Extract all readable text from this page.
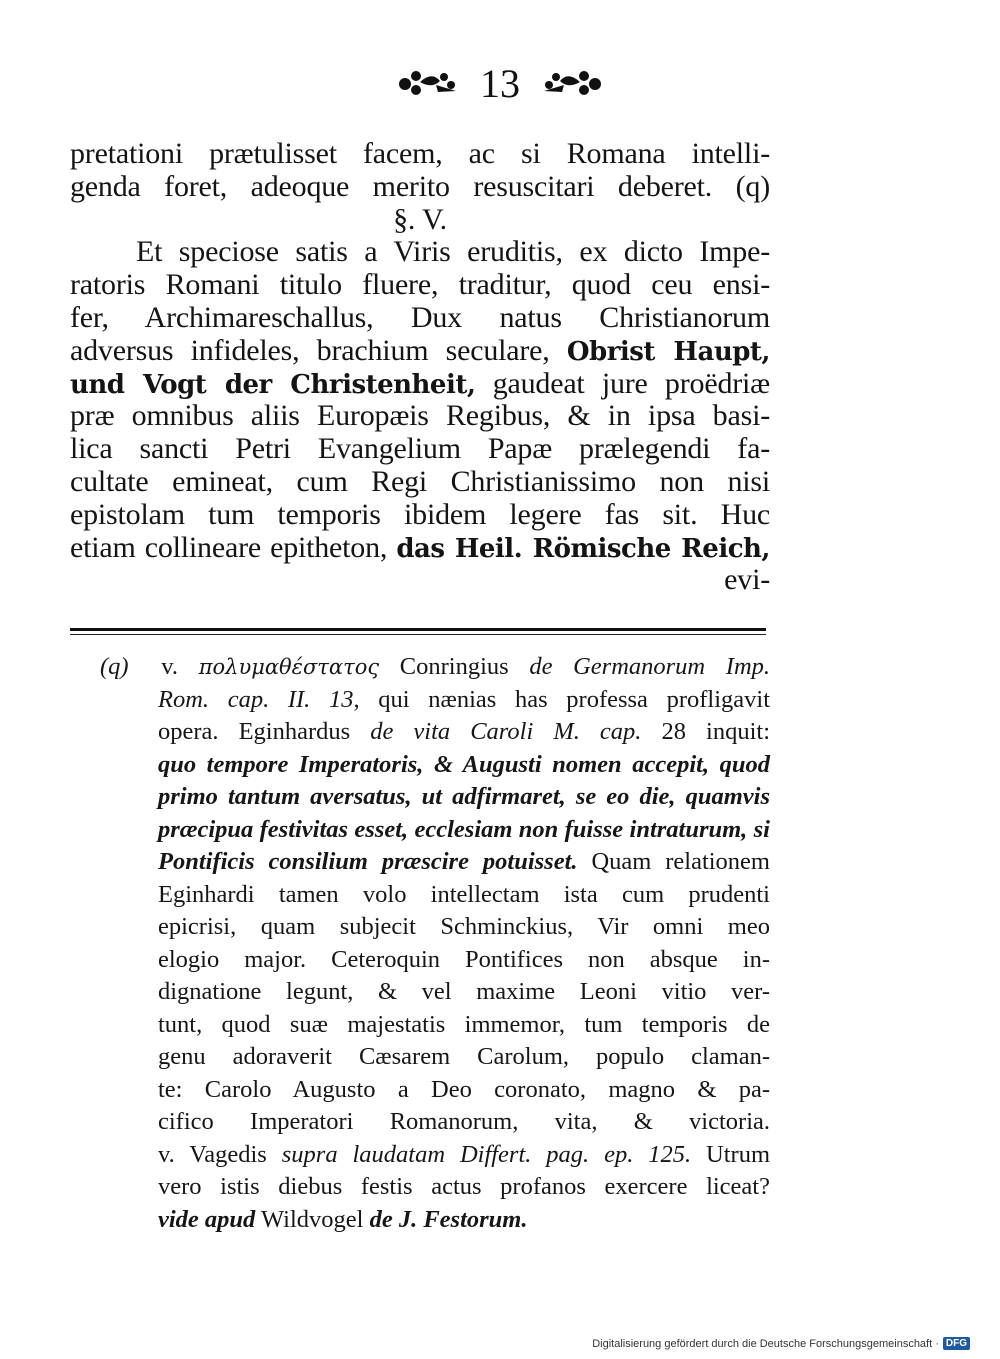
13
pretationi prætulisset facem, ac si Romana intelli-
genda foret, adeoque merito resuscitari deberet. (q)
§. V.
Et speciose satis a Viris eruditis, ex dicto Impe-
ratoris Romani titulo fluere, traditur, quod ceu ensi-
fer, Archimareschallus, Dux natus Christianorum
adversus infideles, brachium seculare, Obrist Haupt,
und Vogt der Christenheit, gaudeat jure proëdriæ
præ omnibus aliis Europæis Regibus, & in ipsa basi-
lica sancti Petri Evangelium Papæ prælegendi fa-
cultate emineat, cum Regi Christianissimo non nisi
epistolam tum temporis ibidem legere fas sit. Huc
etiam collineare epitheton, das Heil. Römische Reich,
evi-
(q) v. πολυμαθέστατος Conringius de Germanorum Imp.
Rom. cap. II. 13, qui nænias has professa profligavit
opera. Eginhardus de vita Caroli M. cap. 28 inquit:
quo tempore Imperatoris, & Augusti nomen accepit, quod
primo tantum aversatus, ut adfirmaret, se eo die, quamvis
præcipua festivitas esset, ecclesiam non fuisse intraturum, si
Pontificis consilium præscire potuisset. Quam relationem
Eginhardi tamen volo intellectam ista cum prudenti
epicrisi, quam subjecit Schminckius, Vir omni meo
elogio major. Ceteroquin Pontifices non absque in-
dignatione legunt, & vel maxime Leoni vitio ver-
tunt, quod suæ majestatis immemor, tum temporis de
genu adoraverit Cæsarem Carolum, populo claman-
te: Carolo Augusto a Deo coronato, magno & pa-
cifico Imperatori Romanorum, vita, & victoria.
v. Vagedis supra laudatam Differt. pag. ep. 125. Utrum
vero istis diebus festis actus profanos exercere liceat?
vide apud Wildvogel de J. Festorum.
Digitalisierung gefördert durch die Deutsche Forschungsgemeinschaft · DFG
